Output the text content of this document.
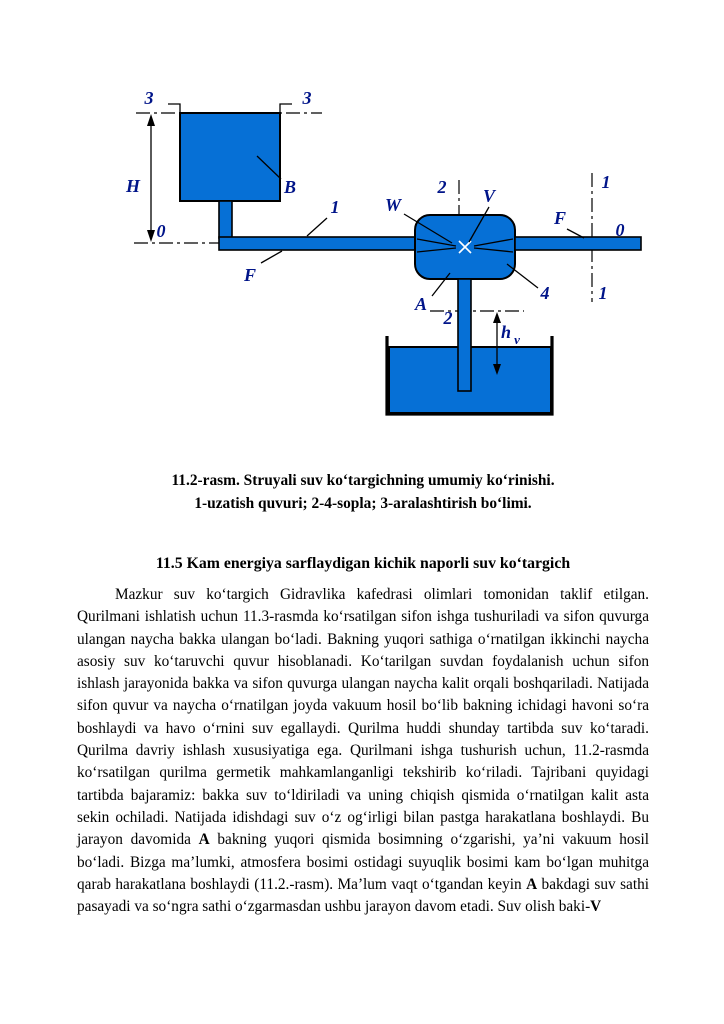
3	3
H	B
1
0	0
F
F
W	V
2
2
A
4
1
1
h v
11.2-rasm. Struyali suv ko‘targichning umumiy ko‘rinishi.
1-uzatish quvuri; 2-4-sopla; 3-aralashtirish bo‘limi.
11.5 Kam energiya sarflaydigan kichik naporli suv ko‘targich

Mazkur suv ko‘targich Gidravlika kafedrasi olimlari tomonidan taklif etilgan. Qurilmani ishlatish uchun 11.3-rasmda ko‘rsatilgan sifon ishga tushuriladi va sifon quvurga ulangan naycha bakka ulangan bo‘ladi. Bakning yuqori sathiga o‘rnatilgan ikkinchi naycha asosiy suv ko‘taruvchi quvur hisoblanadi. Ko‘tarilgan suvdan foydalanish uchun sifon ishlash jarayonida bakka va sifon quvurga ulangan naycha kalit orqali boshqariladi. Natijada sifon quvur va naycha o‘rnatilgan joyda vakuum hosil bo‘lib bakning ichidagi havoni so‘ra boshlaydi va havo o‘rnini suv egallaydi. Qurilma huddi shunday tartibda suv ko‘taradi. Qurilma davriy ishlash xususiyatiga ega. Qurilmani ishga tushurish uchun, 11.2-rasmda ko‘rsatilgan qurilma germetik mahkamlanganligi tekshirib ko‘riladi. Tajribani quyidagi tartibda bajaramiz: bakka suv to‘ldiriladi va uning chiqish qismida o‘rnatilgan kalit asta sekin ochiladi. Natijada idishdagi suv o‘z og‘irligi bilan pastga harakatlana boshlaydi. Bu jarayon davomida A bakning yuqori qismida bosimning o‘zgarishi, ya’ni vakuum hosil bo‘ladi. Bizga ma’lumki, atmosfera bosimi ostidagi suyuqlik bosimi kam bo‘lgan muhitga qarab harakatlana boshlaydi (11.2.-rasm). Ma’lum vaqt o‘tgandan keyin A bakdagi suv sathi pasayadi va so‘ngra sathi o‘zgarmasdan ushbu jarayon davom etadi. Suv olish baki-V
